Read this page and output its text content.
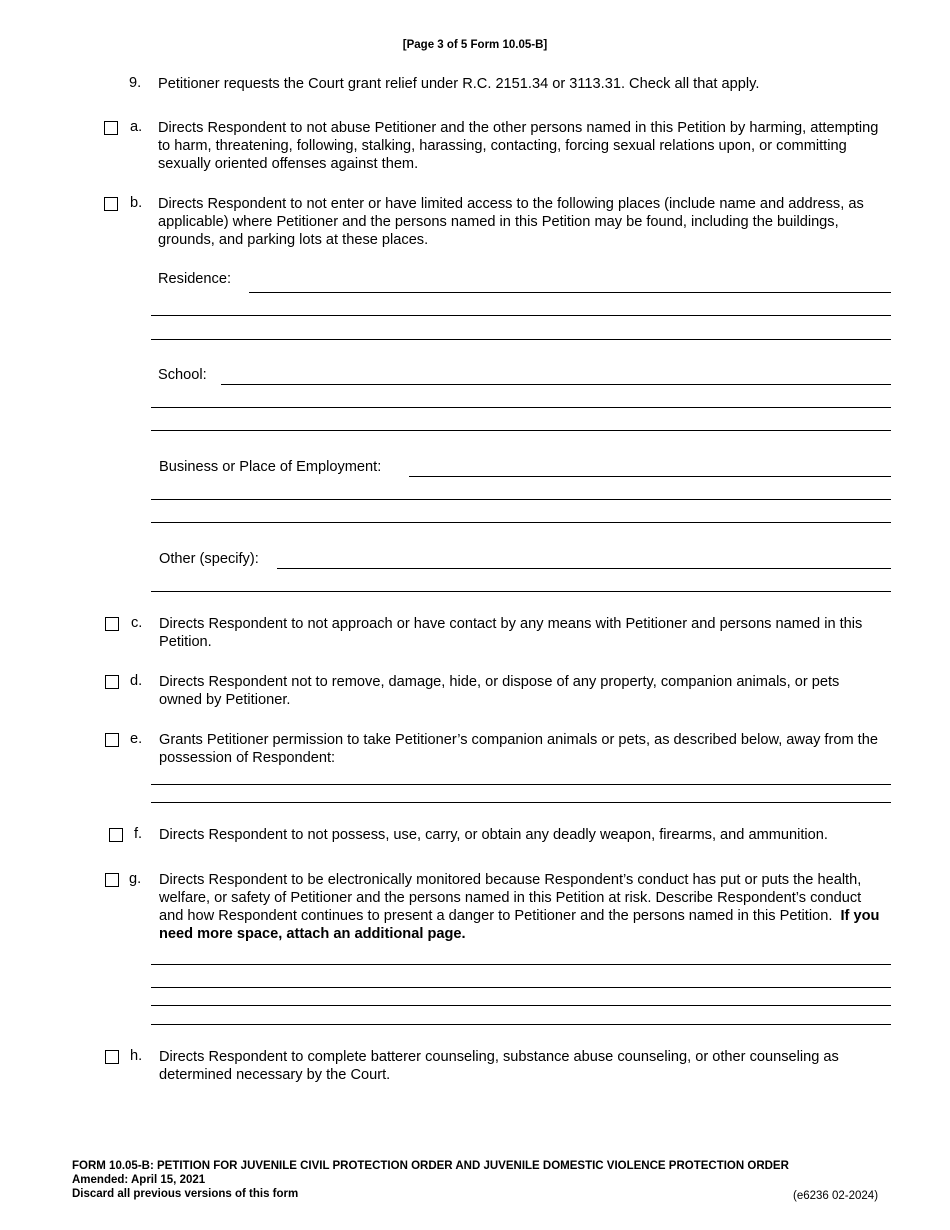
[Page 3 of 5 Form 10.05-B]
9. Petitioner requests the Court grant relief under R.C. 2151.34 or 3113.31. Check all that apply.
a. Directs Respondent to not abuse Petitioner and the other persons named in this Petition by harming, attempting to harm, threatening, following, stalking, harassing, contacting, forcing sexual relations upon, or committing sexually oriented offenses against them.
b. Directs Respondent to not enter or have limited access to the following places (include name and address, as applicable) where Petitioner and the persons named in this Petition may be found, including the buildings, grounds, and parking lots at these places.
Residence:
School:
Business or Place of Employment:
Other (specify):
c. Directs Respondent to not approach or have contact by any means with Petitioner and persons named in this Petition.
d. Directs Respondent not to remove, damage, hide, or dispose of any property, companion animals, or pets owned by Petitioner.
e. Grants Petitioner permission to take Petitioner’s companion animals or pets, as described below, away from the possession of Respondent:
f. Directs Respondent to not possess, use, carry, or obtain any deadly weapon, firearms, and ammunition.
g. Directs Respondent to be electronically monitored because Respondent’s conduct has put or puts the health, welfare, or safety of Petitioner and the persons named in this Petition at risk. Describe Respondent’s conduct and how Respondent continues to present a danger to Petitioner and the persons named in this Petition. If you need more space, attach an additional page.
h. Directs Respondent to complete batterer counseling, substance abuse counseling, or other counseling as determined necessary by the Court.
FORM 10.05-B: PETITION FOR JUVENILE CIVIL PROTECTION ORDER AND JUVENILE DOMESTIC VIOLENCE PROTECTION ORDER
Amended: April 15, 2021
Discard all previous versions of this form	(e6236 02-2024)
